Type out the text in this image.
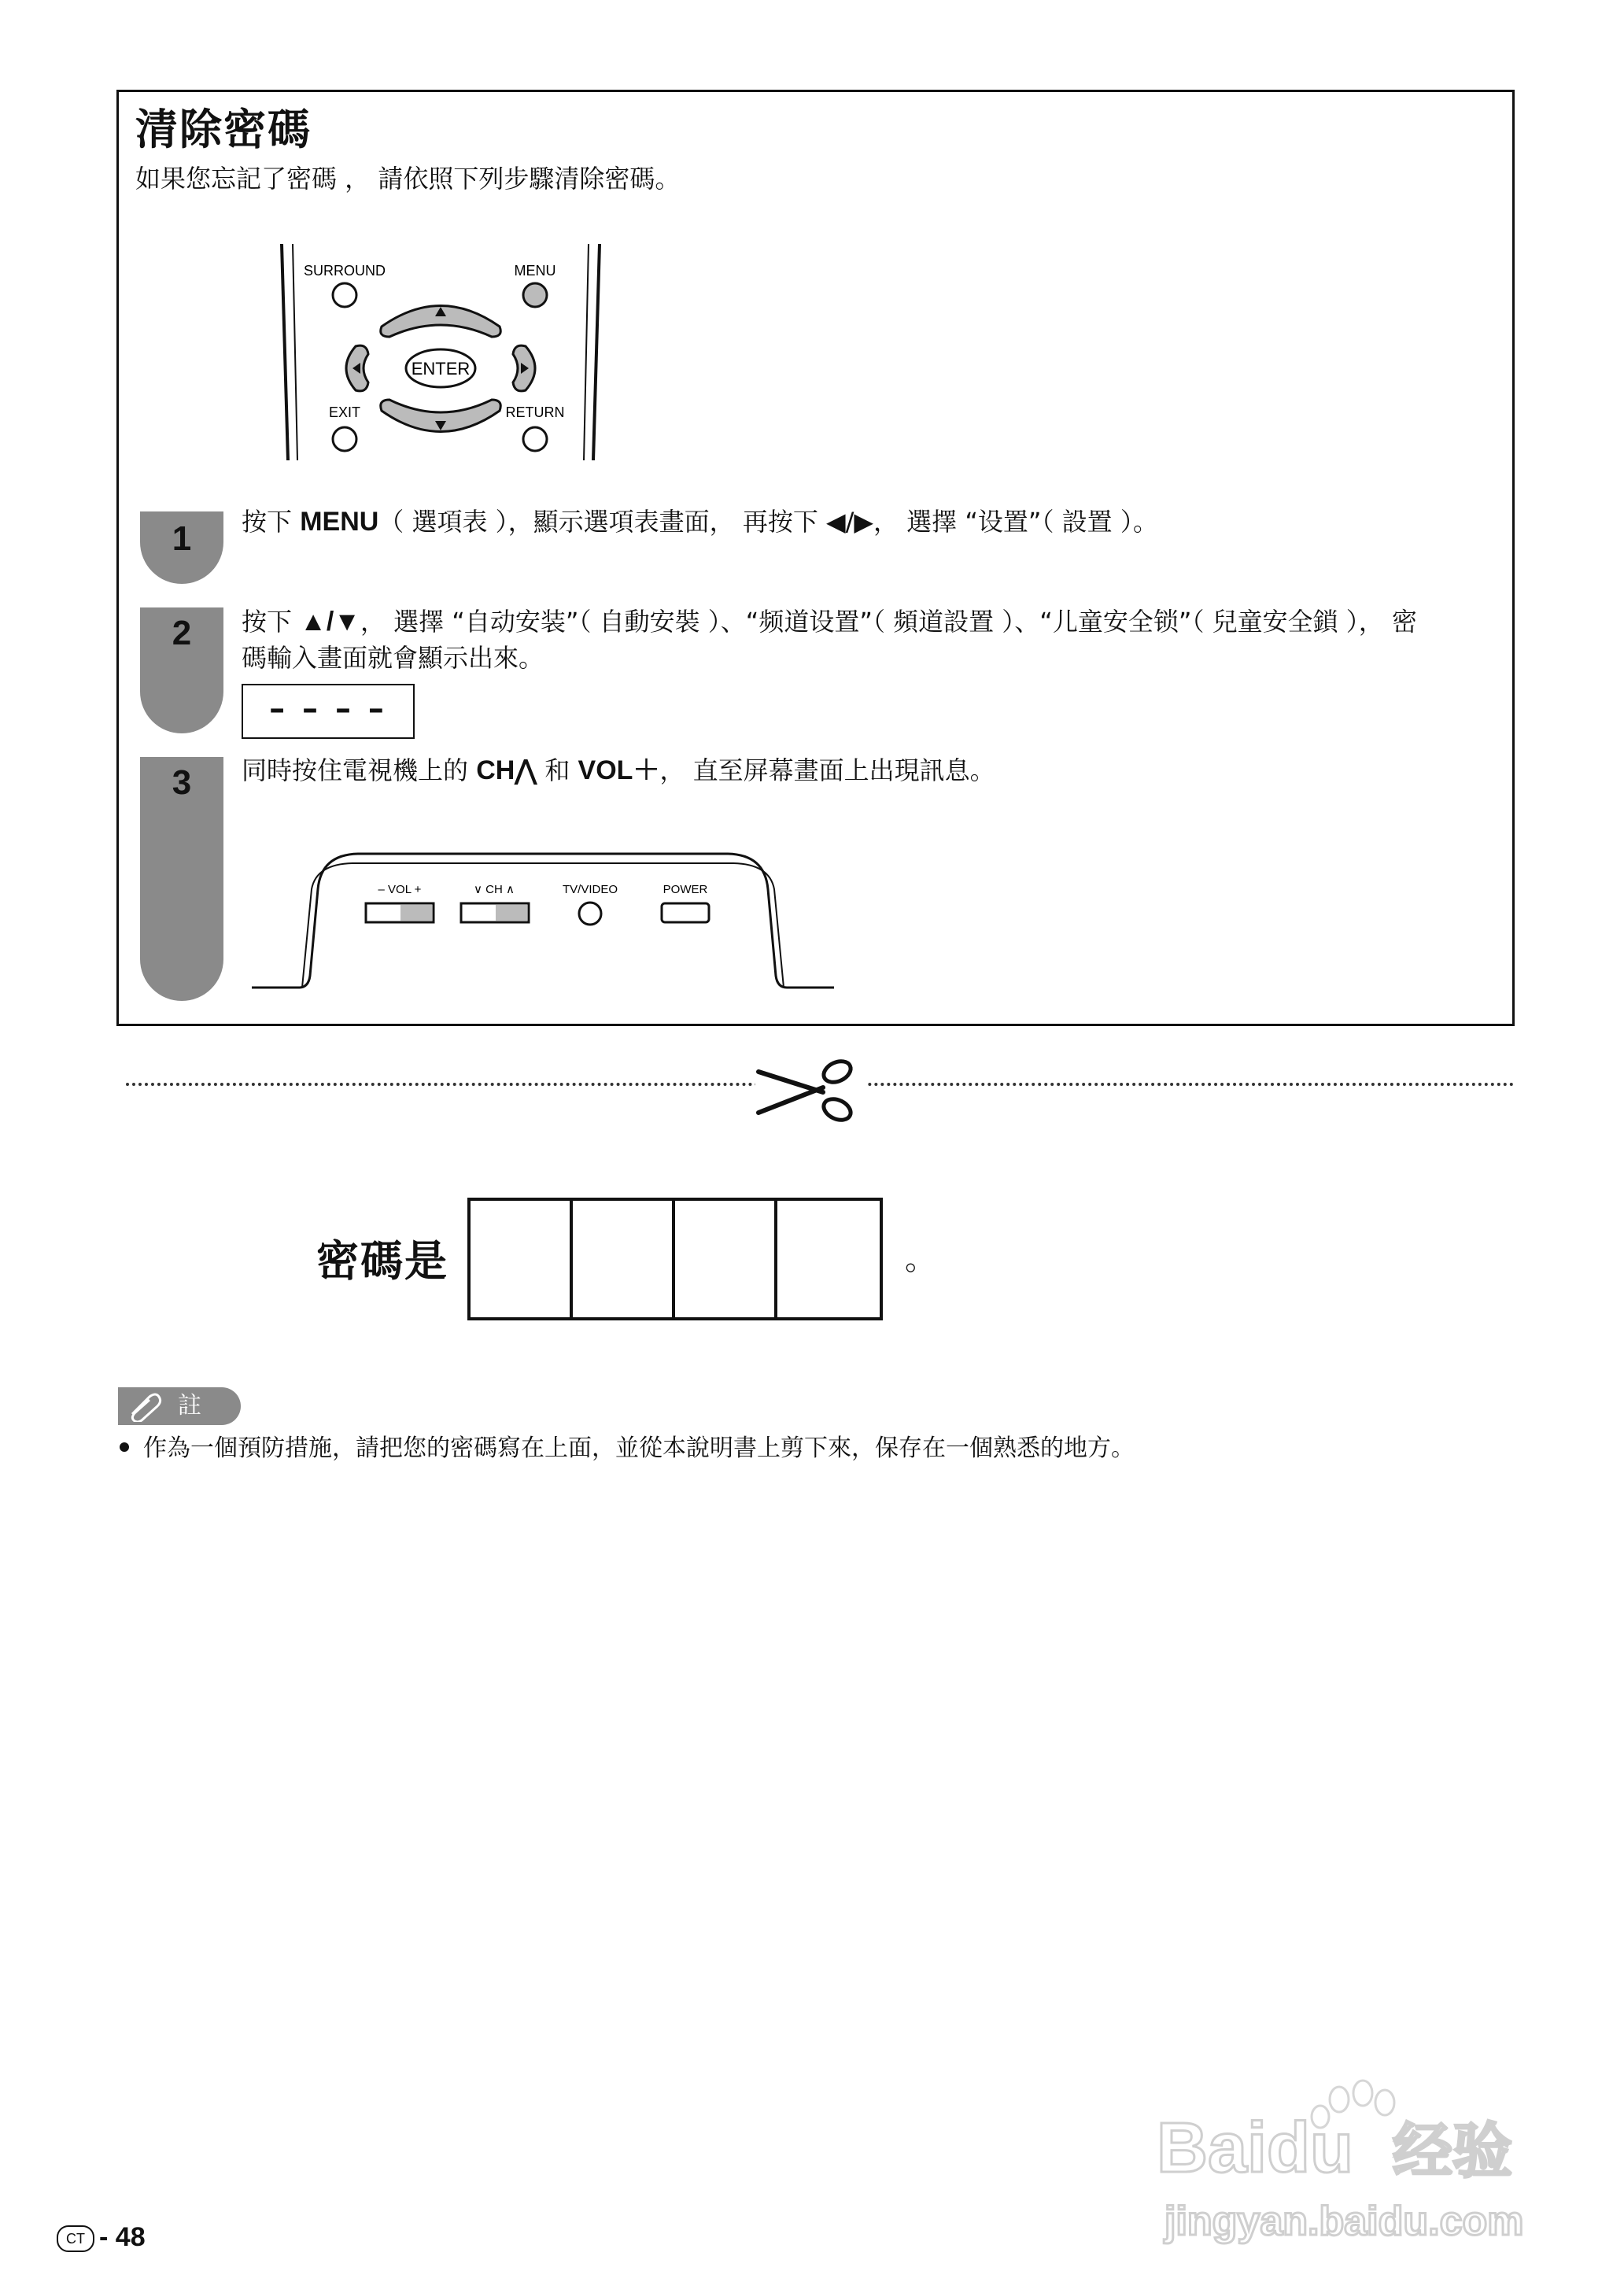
清除密碼
如果您忘記了密碼 ， 請依照下列步驟清除密碼。
SURROUND	MENU
ENTER
EXIT	RETURN
1
2
3
按下 MENU（ 選項表 ），顯示選項表畫面， 再按下 ◀/▶， 選擇 “设置”（ 設置 ）。
按下 ▲/▼， 選擇 “自动安装”（ 自動安裝 ）、“频道设置”（ 頻道設置 ）、“儿童安全锁”（ 兒童安全鎖 ）， 密碼輸入畫面就會顯示出來。
– – – –
同時按住電視機上的 CH⋀ 和 VOL＋， 直至屏幕畫面上出現訊息。
– VOL +	∨ CH ∧	TV/VIDEO	POWER
密碼是	。
註
作為一個預防措施，請把您的密碼寫在上面，並從本說明書上剪下來，保存在一個熟悉的地方。
CT - 48
Baidu 经验
jingyan.baidu.com
